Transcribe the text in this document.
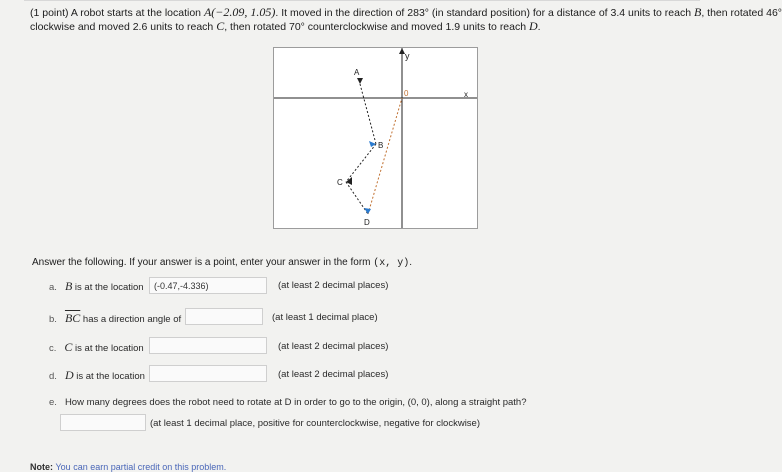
(1 point) A robot starts at the location A(−2.09, 1.05). It moved in the direction of 283° (in standard position) for a distance of 3.4 units to reach B, then rotated 46°
clockwise and moved 2.6 units to reach C, then rotated 70° counterclockwise and moved 1.9 units to reach D.
y
x
0
A
B
C
D
Answer the following. If your answer is a point, enter your answer in the form (x, y).
a. B is at the location
(-0.47,-4.336)	(at least 2 decimal places)
b. $\overline{BC}$ has a direction angle of	(at least 1 decimal place)
c. C is at the location	(at least 2 decimal places)
d. D is at the location	(at least 2 decimal places)
e. How many degrees does the robot need to rotate at D in order to go to the origin, (0, 0), along a straight path?
(at least 1 decimal place, positive for counterclockwise, negative for clockwise)
Note: You can earn partial credit on this problem.
